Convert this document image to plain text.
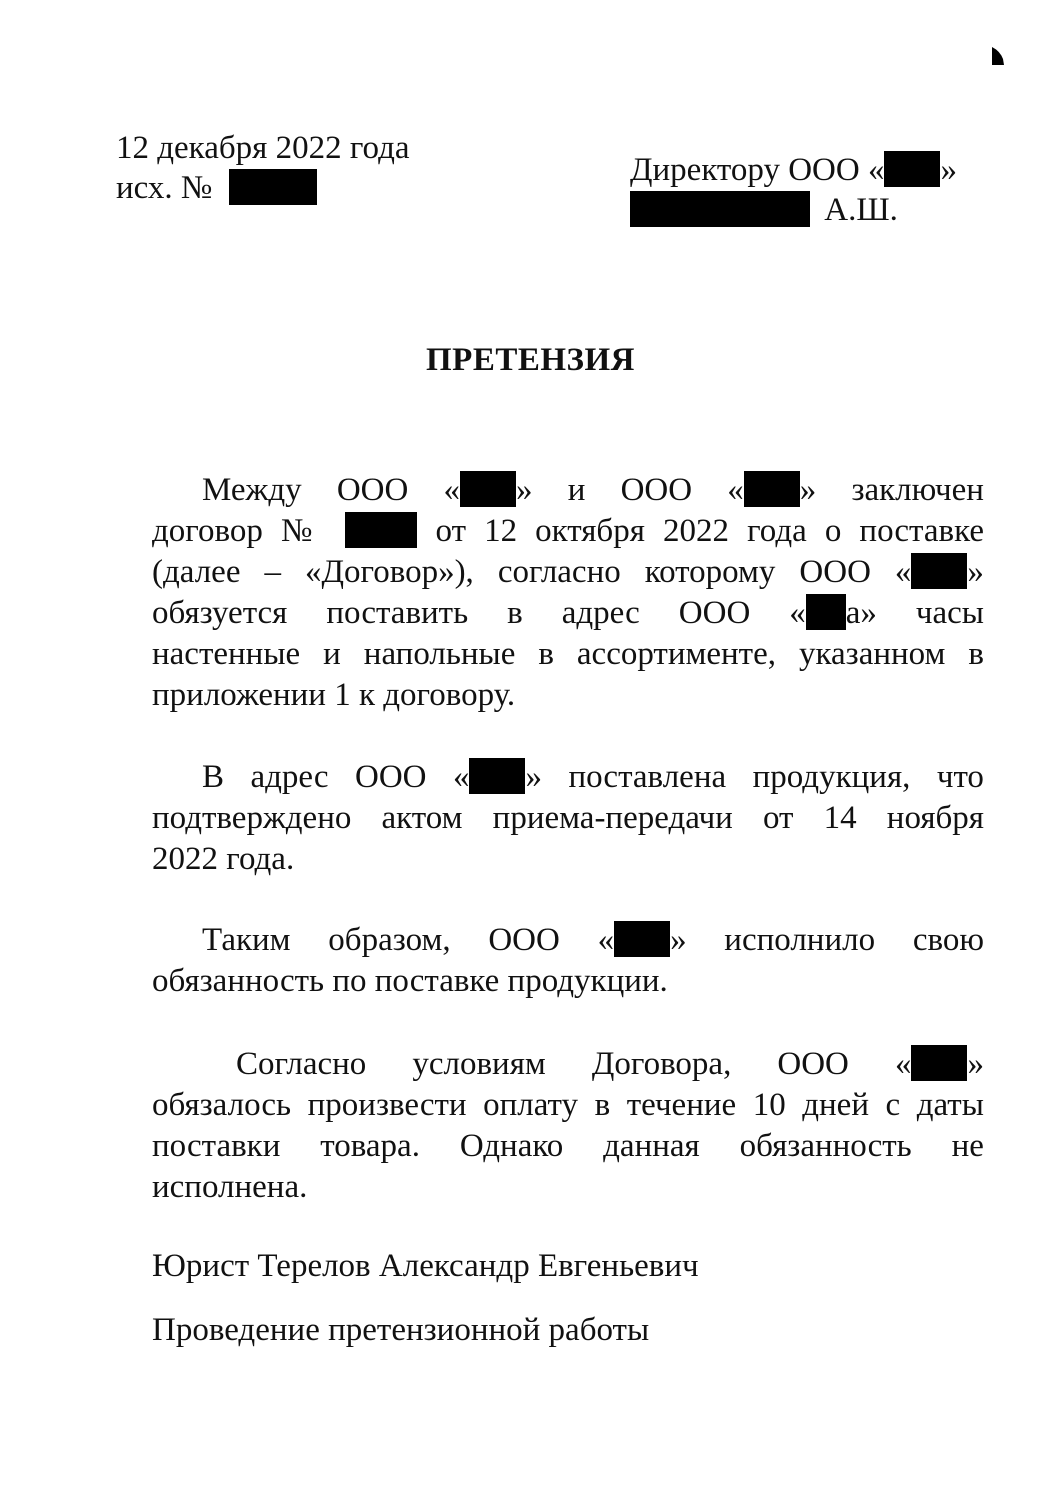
12 декабря 2022 года
исх. №	Директору ООО « »
А.Ш.
ПРЕТЕНЗИЯ
Между ООО « » и ООО « » заключен
договор №	от 12 октября 2022 года о поставке
(далее – «Договор»), согласно которому ООО « »
обязуется поставить в адрес ООО « а» часы
настенные и напольные в ассортименте, указанном в
приложении 1 к договору.
В адрес ООО « » поставлена продукция, что
подтверждено актом приема-передачи от 14 ноября
2022 года.
Таким образом, ООО « » исполнило свою
обязанность по поставке продукции.
Согласно условиям Договора, ООО « »
обязалось произвести оплату в течение 10 дней с даты
поставки товара. Однако данная обязанность не
исполнена.
Юрист Терелов Александр Евгеньевич
Проведение претензионной работы
